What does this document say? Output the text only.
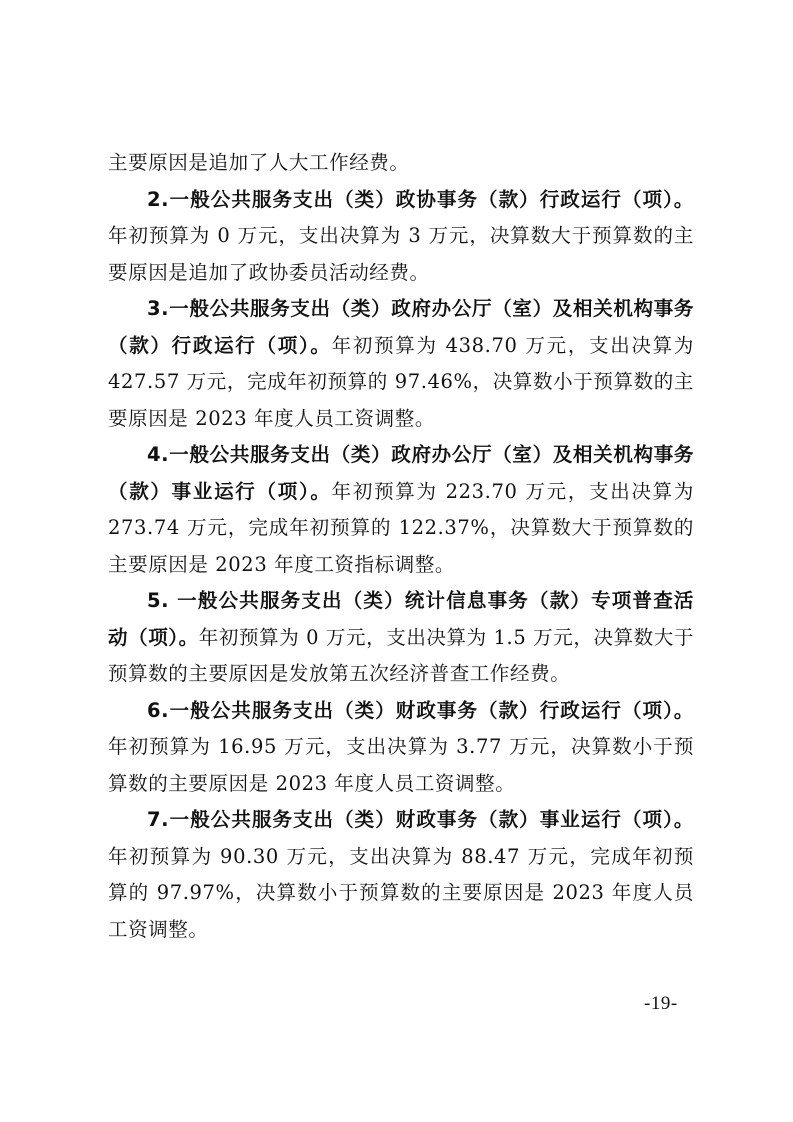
主要原因是追加了人大工作经费。

2.一般公共服务支出（类）政协事务（款）行政运行（项）。年初预算为 0 万元，支出决算为 3 万元，决算数大于预算数的主要原因是追加了政协委员活动经费。

3.一般公共服务支出（类）政府办公厅（室）及相关机构事务（款）行政运行（项）。年初预算为 438.70 万元，支出决算为 427.57 万元，完成年初预算的 97.46%，决算数小于预算数的主要原因是 2023 年度人员工资调整。

4.一般公共服务支出（类）政府办公厅（室）及相关机构事务（款）事业运行（项）。年初预算为 223.70 万元，支出决算为 273.74 万元，完成年初预算的 122.37%，决算数大于预算数的主要原因是 2023 年度工资指标调整。

5. 一般公共服务支出（类）统计信息事务（款）专项普查活动（项）。年初预算为 0 万元，支出决算为 1.5 万元，决算数大于预算数的主要原因是发放第五次经济普查工作经费。

6.一般公共服务支出（类）财政事务（款）行政运行（项）。年初预算为 16.95 万元，支出决算为 3.77 万元，决算数小于预算数的主要原因是 2023 年度人员工资调整。

7.一般公共服务支出（类）财政事务（款）事业运行（项）。年初预算为 90.30 万元，支出决算为 88.47 万元，完成年初预算的 97.97%，决算数小于预算数的主要原因是 2023 年度人员工资调整。

-19-
